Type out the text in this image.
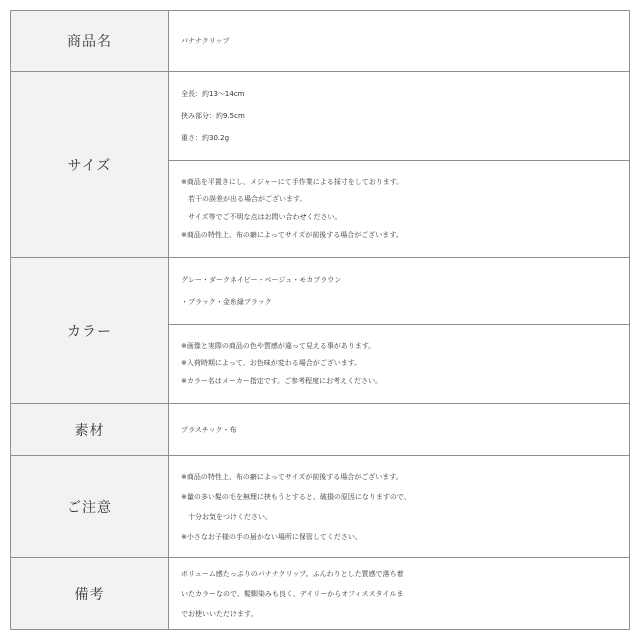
商品名	バナナクリップ
サイズ
全長：約13～14cm
挟み部分：約9.5cm
重さ：約30.2g
※商品を平置きにし、メジャーにて手作業による採寸をしております。
　若干の誤差が出る場合がございます。
　サイズ等でご不明な点はお問い合わせください。
※商品の特性上、布の癖によってサイズが前後する場合がございます。
カラー
グレー・ダークネイビー・ベージュ・モカブラウン
・ブラック・金糸縁ブラック
※画像と実際の商品の色や質感が違って見える事があります。
※入荷時期によって、お色味が変わる場合がございます。
※カラー名はメーカー指定です。ご参考程度にお考えください。
素材	プラスチック・布
ご注意
※商品の特性上、布の癖によってサイズが前後する場合がございます。
※量の多い髪の毛を無理に挟もうとすると、破損の原因になりますので、
　十分お気をつけください。
※小さなお子様の手の届かない場所に保管してください。
備考
ボリューム感たっぷりのバナナクリップ。ふんわりとした質感で落ち着
いたカラーなので、髪馴染みも良く、デイリーからオフィススタイルま
でお使いいただけます。
